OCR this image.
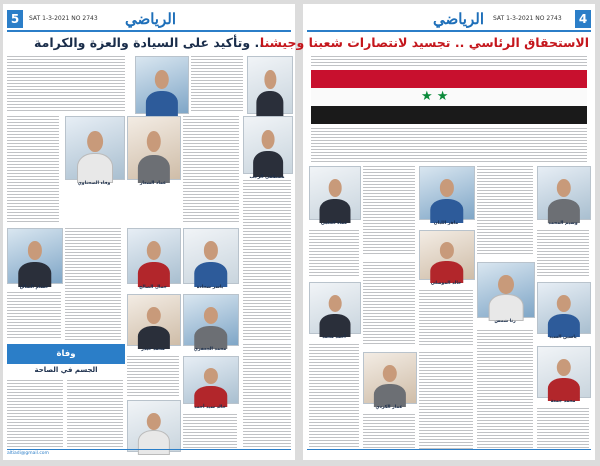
5	SAT 1-3-2021 NO 2743 الرياضي
.. وتأكيد على السيادة والعزة والكرامة
وفاء الصحناوي	عماد الشعار
مصطفى الرجب
حسام الصالح	جمال الصالح	ياسر شحادة
محمد حيدر	محمد الجعفري
وفاة
الجسم في الصاحة
خالد سيد أحمد
altiadi@gmail.com
الرياضي SAT 1-3-2021 NO 2743	4
الاستحقاق الرئاسي .. تجسيد لانتصارات شعبنا وجيشنا
★ ★
عماد الحلبي	ماهر اللبان	وسيم المحمد
خالد الموصلي
أحمد محمد
رنا شمس
ياسين السيد
عمار الكردي
محمد جمعة
